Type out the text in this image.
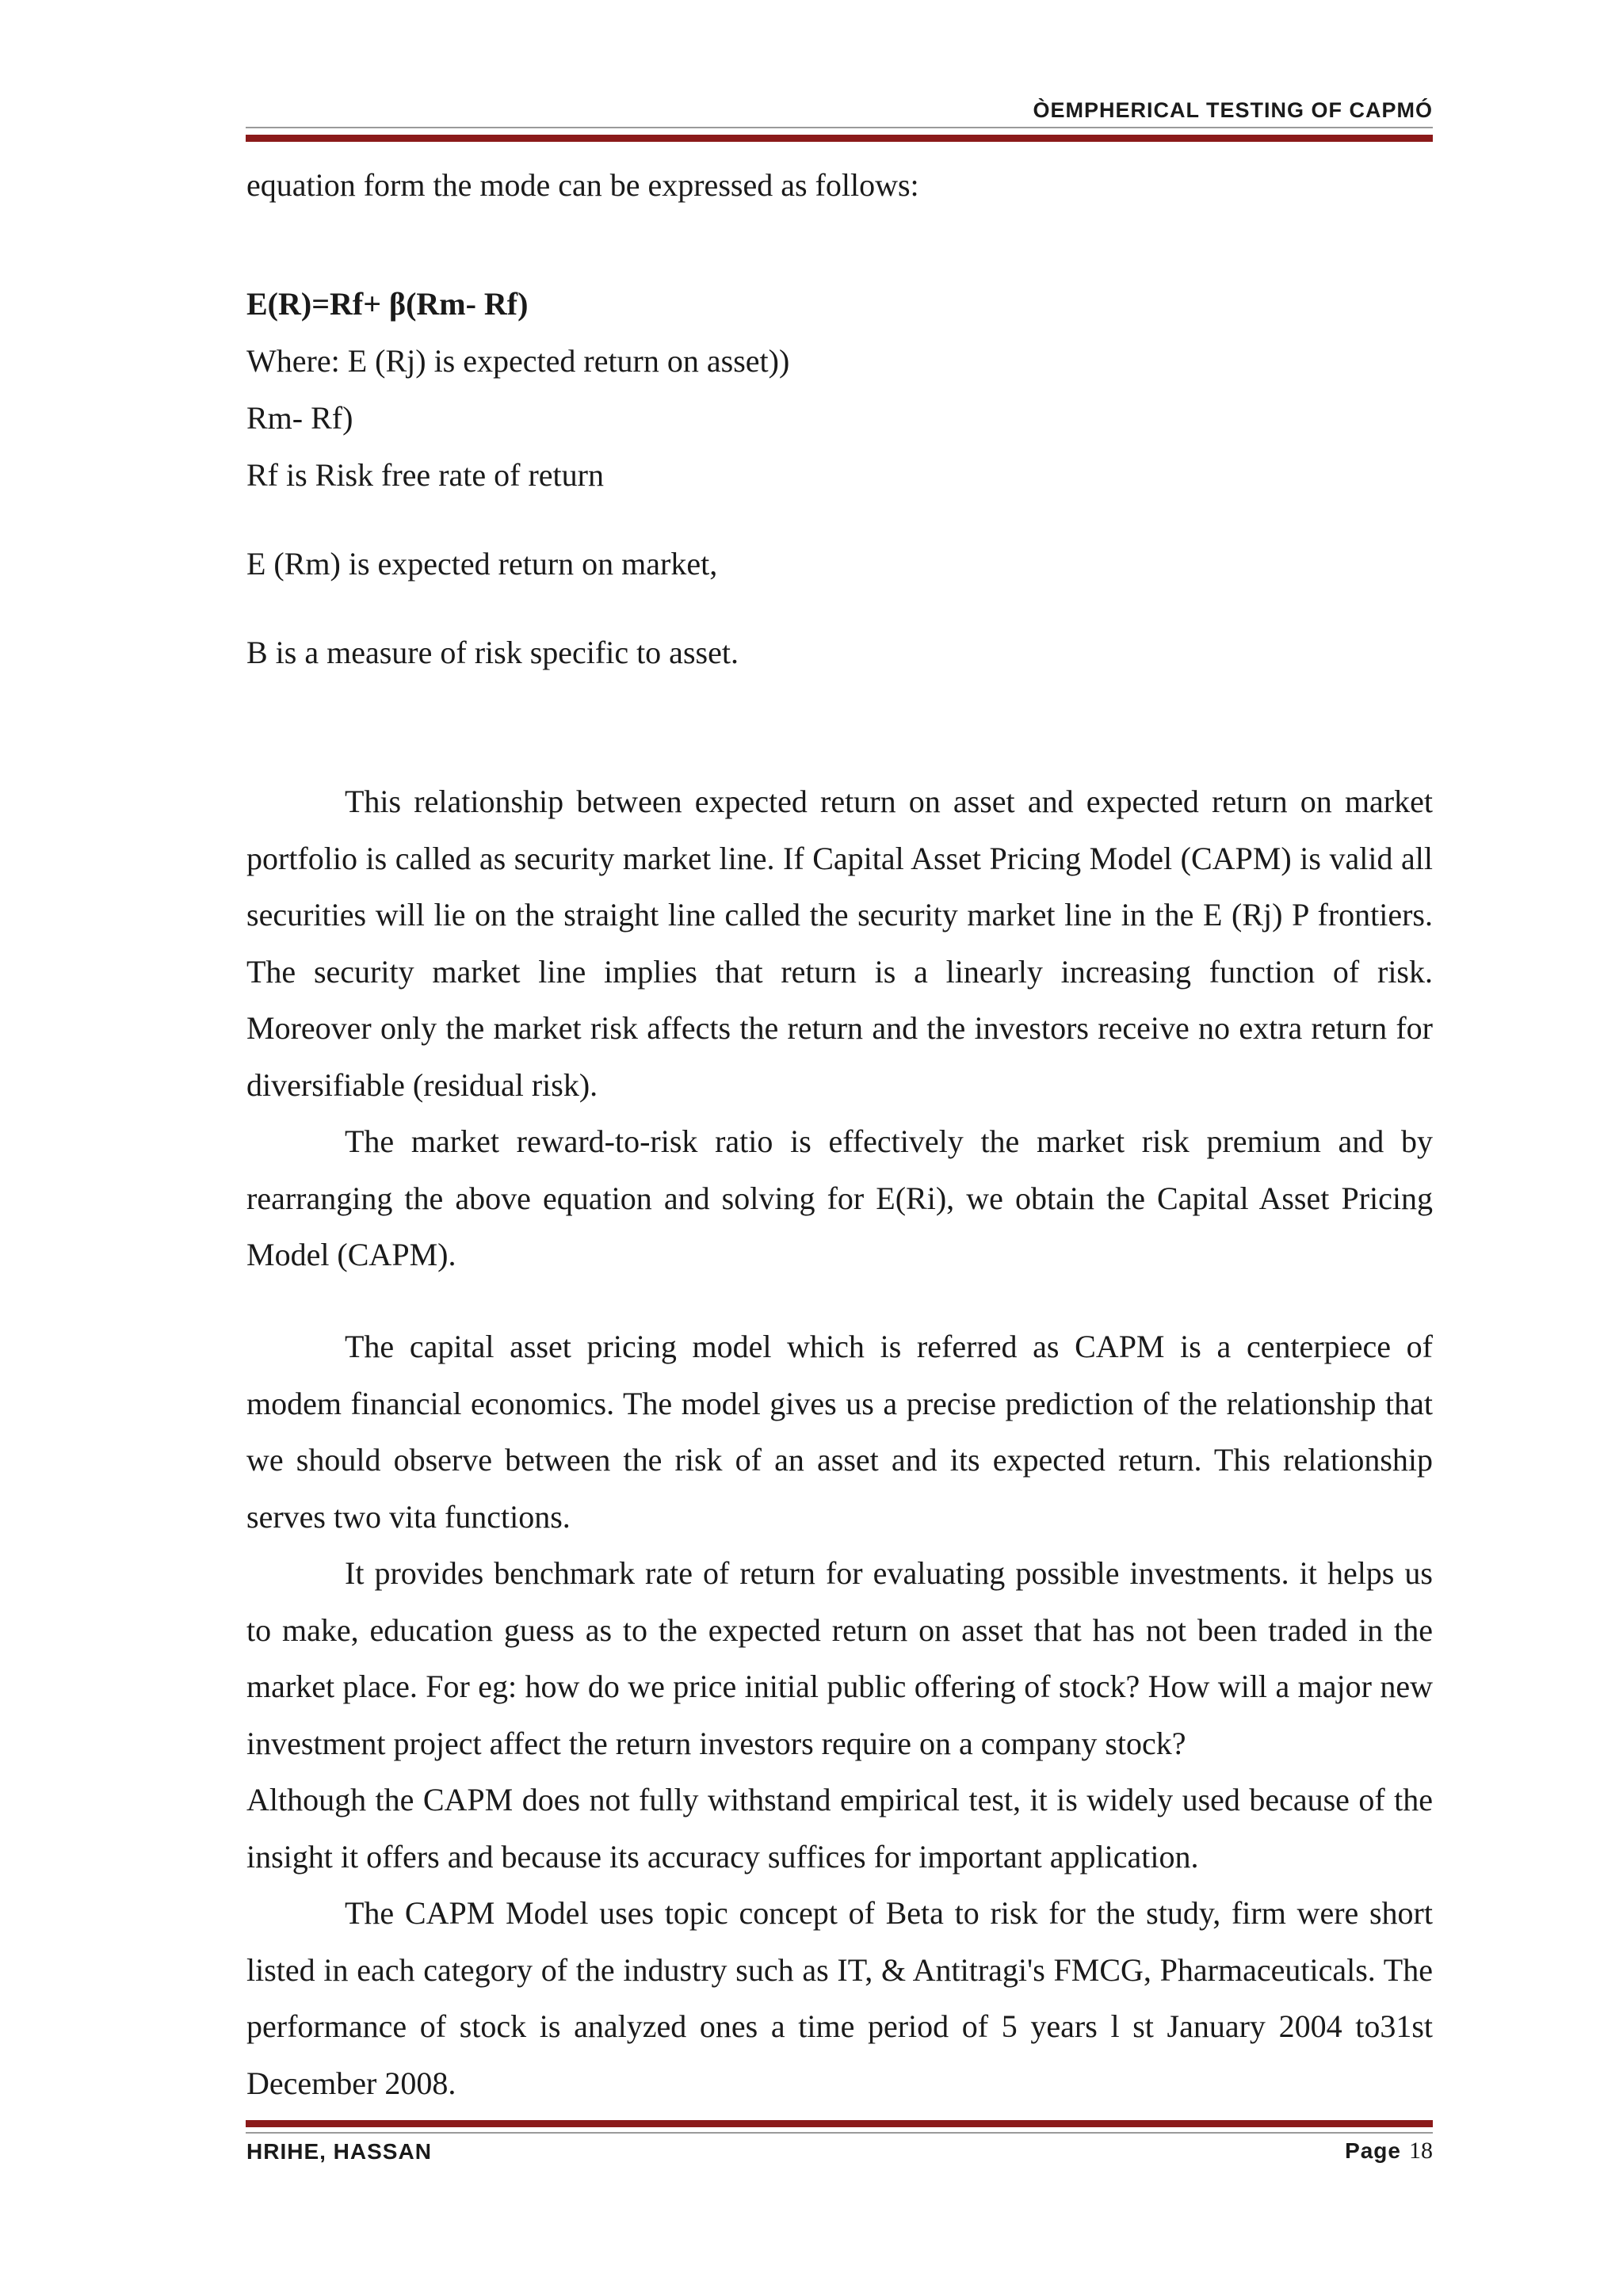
ÒEMPHERICAL TESTING OF CAPMÓ
equation form the mode can be expressed as follows:
E(R)=Rf+ β(Rm- Rf)
Where: E (Rj) is expected return on asset))
Rm- Rf)
Rf is Risk free rate of return
E (Rm) is expected return on market,
B is a measure of risk specific to asset.

This relationship between expected return on asset and expected return on market portfolio is called as security market line. If Capital Asset Pricing Model (CAPM) is valid all securities will lie on the straight line called the security market line in the E (Rj) P frontiers. The security market line implies that return is a linearly increasing function of risk. Moreover only the market risk affects the return and the investors receive no extra return for diversifiable (residual risk).

The market reward-to-risk ratio is effectively the market risk premium and by rearranging the above equation and solving for E(Ri), we obtain the Capital Asset Pricing Model (CAPM).

The capital asset pricing model which is referred as CAPM is a centerpiece of modem financial economics. The model gives us a precise prediction of the relationship that we should observe between the risk of an asset and its expected return. This relationship serves two vita functions.

It provides benchmark rate of return for evaluating possible investments. it helps us to make, education guess as to the expected return on asset that has not been traded in the market place. For eg: how do we price initial public offering of stock? How will a major new investment project affect the return investors require on a company stock?

Although the CAPM does not fully withstand empirical test, it is widely used because of the insight it offers and because its accuracy suffices for important application.

The CAPM Model uses topic concept of Beta to risk for the study, firm were short listed in each category of the industry such as IT, & Antitragi's FMCG, Pharmaceuticals. The performance of stock is analyzed ones a time period of 5 years l st January 2004 to31st December 2008.

HRIHE, HASSAN	Page 18
